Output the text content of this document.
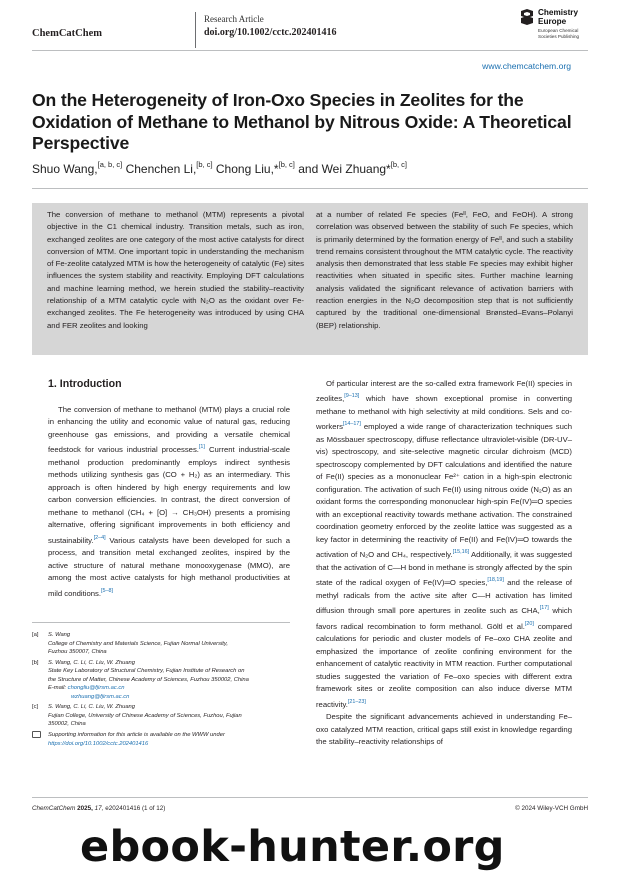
ChemCatChem
Research Article
doi.org/10.1002/cctc.202401416
Chemistry Europe
European Chemical Societies Publishing
www.chemcatchem.org
On the Heterogeneity of Iron-Oxo Species in Zeolites for the Oxidation of Methane to Methanol by Nitrous Oxide: A Theoretical Perspective
Shuo Wang,[a, b, c] Chenchen Li,[b, c] Chong Liu,*[b, c] and Wei Zhuang*[b, c]
The conversion of methane to methanol (MTM) represents a pivotal objective in the C1 chemical industry. Transition metals, such as iron, exchanged zeolites are one category of the most active catalysts for direct conversion of MTM. One important topic in understanding the mechanism of Fe-zeolite catalyzed MTM is how the heterogeneity of catalytic (Fe) sites influences the system stability and reactivity. Employing DFT calculations and machine learning method, we herein studied the stability–reactivity relationship of a MTM catalytic cycle with N₂O as the oxidant over Fe-exchanged zeolites. The Fe heterogeneity was introduced by using CHA and FER zeolites and looking
at a number of related Fe species (Feᴵᴵ, FeO, and FeOH). A strong correlation was observed between the stability of such Fe species, which is primarily determined by the formation energy of Feᴵᴵ, and such a stability trend remains consistent throughout the MTM catalytic cycle. The reactivity analysis then demonstrated that less stable Fe species may exhibit higher reactivities when situated in specific sites. Further machine learning analysis validated the significant relevance of activation barriers with reaction energies in the N₂O decomposition step that is not sufficiently captured by the traditional one-dimensional Brønsted–Evans–Polanyi (BEP) relationship.
1. Introduction

The conversion of methane to methanol (MTM) plays a crucial role in enhancing the utility and economic value of natural gas, reducing greenhouse gas emissions, and providing a versatile chemical feedstock for various industrial processes.[1] Current industrial-scale methanol production predominantly employs indirect synthesis methods utilizing synthesis gas (CO + H₂) as an intermediary. This approach is often hindered by high energy requirements and low carbon conversion efficiencies. In contrast, the direct conversion of methane to methanol (CH₄ + [O] → CH₃OH) presents a promising alternative, offering significant improvements in both efficiency and sustainability.[2–4] Various catalysts have been developed for such a process, and transition metal exchanged zeolites, inspired by the active structure of natural methane monooxygenase (MMO), are among the most active catalysts for high methanol productivities at mild conditions.[5–8]

Of particular interest are the so-called extra framework Fe(II) species in zeolites,[9–13] which have shown exceptional promise in converting methane to methanol with high selectivity at mild conditions. Sels and co-workers[14–17] employed a wide range of characterization techniques such as Mössbauer spectroscopy, diffuse reflectance ultraviolet-visible (DR-UV–vis) spectroscopy, and site-selective magnetic circular dichroism (MCD) spectroscopy complemented by DFT calculations and identified the nature of Fe(II) species as a mononuclear Fe²⁺ cation in a high-spin electronic configuration. The activation of such Fe(II) using nitrous oxide (N₂O) as an oxidant forms the corresponding mononuclear high-spin Fe(IV)═O species with an exceptional reactivity towards methane activation. The constrained coordination geometry enforced by the zeolite lattice was suggested as a key factor in determining the reactivity of Fe(II) and Fe(IV)═O towards the activation of N₂O and CH₄, respectively.[15,16] Additionally, it was suggested that the activation of C—H bond in methane is strongly affected by the spin state of the radical oxygen of Fe(IV)═O species,[18,19] and the release of methyl radicals from the active site after C—H activation has limited diffusion through small pore apertures in zeolite such as CHA,[17] which favors radical recombination to form methanol. Göltl et al.[20] compared calculations for periodic and cluster models of Fe–oxo CHA zeolite and emphasized the importance of zeolite confining environment for the enhancement of catalytic reactivity in MTM reaction. Further computational studies suggested the variation of Fe–oxo species with different extra framework sites or zeolite composition can also induce diverse MTM reactivity.[21–23]

Despite the significant advancements achieved in understanding Fe–oxo catalyzed MTM reaction, critical gaps still exist in knowledge regarding the stability–reactivity relationships of

[a] S. Wang
College of Chemistry and Materials Science, Fujian Normal University,
Fuzhou 350007, China
[b] S. Wang, C. Li, C. Liu, W. Zhuang
State Key Laboratory of Structural Chemistry, Fujian Institute of Research on
the Structure of Matter, Chinese Academy of Sciences, Fuzhou 350002, China
E-mail: chongliu@fjirsm.ac.cn
wzhuang@fjirsm.ac.cn
[c] S. Wang, C. Li, C. Liu, W. Zhuang
Fujian College, University of Chinese Academy of Sciences, Fuzhou, Fujian
350002, China
Supporting information for this article is available on the WWW under
https://doi.org/10.1002/cctc.202401416
ChemCatChem 2025, 17, e202401416 (1 of 12)	© 2024 Wiley-VCH GmbH
ebook-hunter.org
